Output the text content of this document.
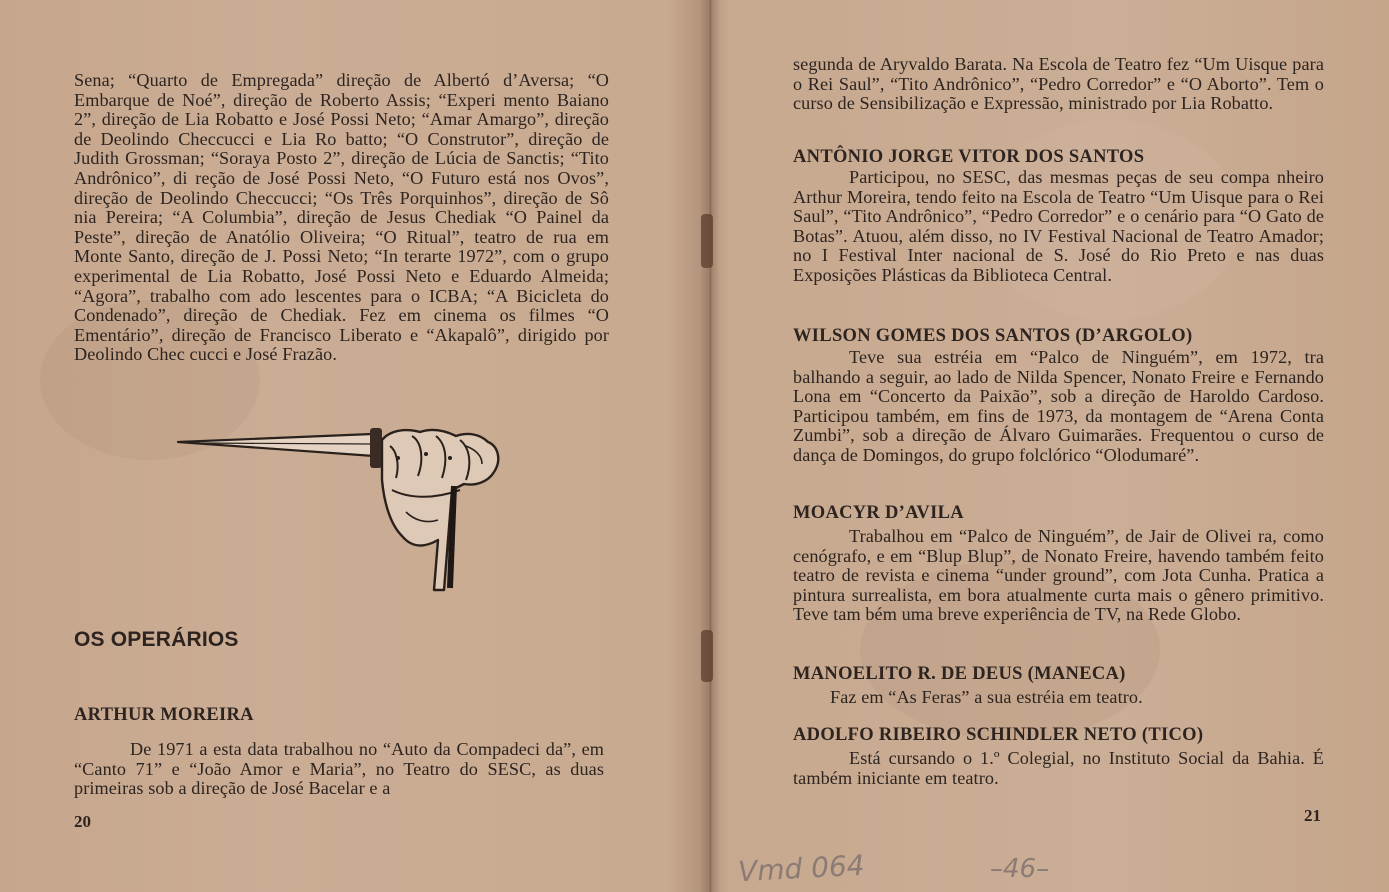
Sena; “Quarto de Empregada” direção de Albertó d’Aversa; “O Embarque de Noé”, direção de Roberto Assis; “Experi mento Baiano 2”, direção de Lia Robatto e José Possi Neto; “Amar Amargo”, direção de Deolindo Checcucci e Lia Ro batto; “O Construtor”, direção de Judith Grossman; “Soraya Posto 2”, direção de Lúcia de Sanctis; “Tito Andrônico”, di reção de José Possi Neto, “O Futuro está nos Ovos”, direção de Deolindo Checcucci; “Os Três Porquinhos”, direção de Sô nia Pereira; “A Columbia”, direção de Jesus Chediak “O Painel da Peste”, direção de Anatólio Oliveira; “O Ritual”, teatro de rua em Monte Santo, direção de J. Possi Neto; “In terarte 1972”, com o grupo experimental de Lia Robatto, José Possi Neto e Eduardo Almeida; “Agora”, trabalho com ado lescentes para o ICBA; “A Bicicleta do Condenado”, direção de Chediak. Fez em cinema os filmes “O Ementário”, direção de Francisco Liberato e “Akapalô”, dirigido por Deolindo Chec cucci e José Frazão.

OS OPERÁRIOS
ARTHUR MOREIRA

De 1971 a esta data trabalhou no “Auto da Compadeci da”, em “Canto 71” e “João Amor e Maria”, no Teatro do SESC, as duas primeiras sob a direção de José Bacelar e a

20

segunda de Aryvaldo Barata. Na Escola de Teatro fez “Um Uisque para o Rei Saul”, “Tito Andrônico”, “Pedro Corredor” e “O Aborto”. Tem o curso de Sensibilização e Expressão, ministrado por Lia Robatto.

ANTÔNIO JORGE VITOR DOS SANTOS

Participou, no SESC, das mesmas peças de seu compa nheiro Arthur Moreira, tendo feito na Escola de Teatro “Um Uisque para o Rei Saul”, “Tito Andrônico”, “Pedro Corredor” e o cenário para “O Gato de Botas”. Atuou, além disso, no IV Festival Nacional de Teatro Amador; no I Festival Inter nacional de S. José do Rio Preto e nas duas Exposições Plásticas da Biblioteca Central.

WILSON GOMES DOS SANTOS (D’ARGOLO)

Teve sua estréia em “Palco de Ninguém”, em 1972, tra balhando a seguir, ao lado de Nilda Spencer, Nonato Freire e Fernando Lona em “Concerto da Paixão”, sob a direção de Haroldo Cardoso. Participou também, em fins de 1973, da montagem de “Arena Conta Zumbi”, sob a direção de Álvaro Guimarães. Frequentou o curso de dança de Domingos, do grupo folclórico “Olodumaré”.

MOACYR D’AVILA

Trabalhou em “Palco de Ninguém”, de Jair de Olivei ra, como cenógrafo, e em “Blup Blup”, de Nonato Freire, havendo também feito teatro de revista e cinema “under ground”, com Jota Cunha. Pratica a pintura surrealista, em bora atualmente curta mais o gênero primitivo. Teve tam bém uma breve experiência de TV, na Rede Globo.

MANOELITO R. DE DEUS (MANECA)

Faz em “As Feras” a sua estréia em teatro.

ADOLFO RIBEIRO SCHINDLER NETO (TICO)

Está cursando o 1.º Colegial, no Instituto Social da Bahia. É também iniciante em teatro.

21
Vmd 064	–46–
